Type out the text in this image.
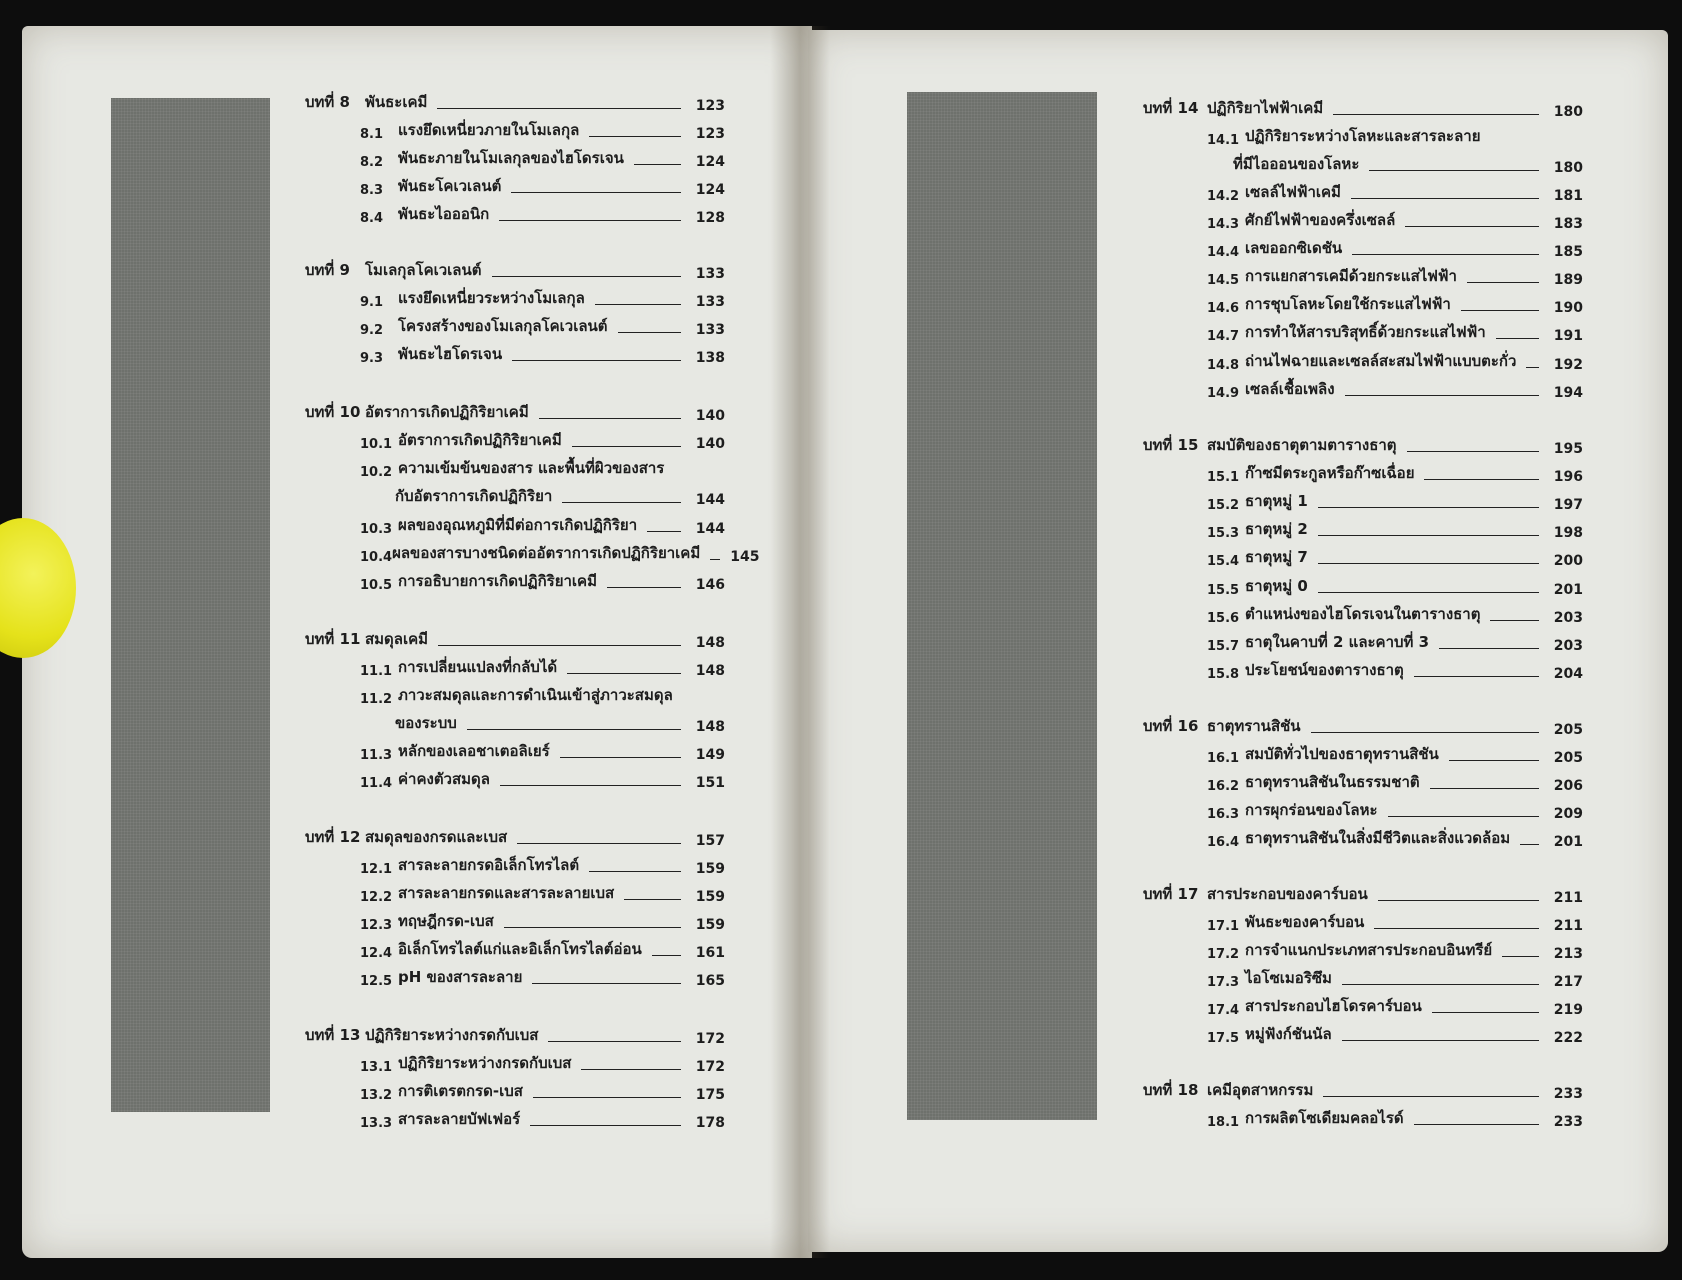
บทที่ 8	พันธะเคมี	123
8.1 แรงยึดเหนี่ยวภายในโมเลกุล	123
8.2 พันธะภายในโมเลกุลของไฮโดรเจน	124
8.3 พันธะโคเวเลนต์	124
8.4 พันธะไอออนิก	128
บทที่ 9	โมเลกุลโคเวเลนต์	133
9.1 แรงยึดเหนี่ยวระหว่างโมเลกุล	133
9.2 โครงสร้างของโมเลกุลโคเวเลนต์	133
9.3 พันธะไฮโดรเจน	138
บทที่ 10 อัตราการเกิดปฏิกิริยาเคมี	140
10.1 อัตราการเกิดปฏิกิริยาเคมี	140
10.2 ความเข้มข้นของสาร และพื้นที่ผิวของสาร
กับอัตราการเกิดปฏิกิริยา	144
10.3 ผลของอุณหภูมิที่มีต่อการเกิดปฏิกิริยา	144
10.4 ผลของสารบางชนิดต่ออัตราการเกิดปฏิกิริยาเคมี 145
10.5 การอธิบายการเกิดปฏิกิริยาเคมี	146
บทที่ 11 สมดุลเคมี	148
11.1 การเปลี่ยนแปลงที่กลับได้	148
11.2 ภาวะสมดุลและการดำเนินเข้าสู่ภาวะสมดุล
ของระบบ	148
11.3 หลักของเลอชาเตอลิเยร์	149
11.4 ค่าคงตัวสมดุล	151
บทที่ 12 สมดุลของกรดและเบส	157
12.1 สารละลายกรดอิเล็กโทรไลต์	159
12.2 สารละลายกรดและสารละลายเบส	159
12.3 ทฤษฎีกรด-เบส	159
12.4 อิเล็กโทรไลต์แก่และอิเล็กโทรไลต์อ่อน	161
12.5 pH ของสารละลาย	165
บทที่ 13 ปฏิกิริยาระหว่างกรดกับเบส	172
13.1 ปฏิกิริยาระหว่างกรดกับเบส	172
13.2 การติเตรตกรด-เบส	175
13.3 สารละลายบัฟเฟอร์	178
บทที่ 14 ปฏิกิริยาไฟฟ้าเคมี	180
14.1 ปฏิกิริยาระหว่างโลหะและสารละลาย
ที่มีไอออนของโลหะ	180
14.2 เซลล์ไฟฟ้าเคมี	181
14.3 ศักย์ไฟฟ้าของครึ่งเซลล์	183
14.4 เลขออกซิเดชัน	185
14.5 การแยกสารเคมีด้วยกระแสไฟฟ้า	189
14.6 การชุบโลหะโดยใช้กระแสไฟฟ้า	190
14.7 การทำให้สารบริสุทธิ์ด้วยกระแสไฟฟ้า	191
14.8 ถ่านไฟฉายและเซลล์สะสมไฟฟ้าแบบตะกั่ว	192
14.9 เซลล์เชื้อเพลิง	194
บทที่ 15 สมบัติของธาตุตามตารางธาตุ	195
15.1 ก๊าซมีตระกูลหรือก๊าซเฉื่อย	196
15.2 ธาตุหมู่ 1	197
15.3 ธาตุหมู่ 2	198
15.4 ธาตุหมู่ 7	200
15.5 ธาตุหมู่ 0	201
15.6 ตำแหน่งของไฮโดรเจนในตารางธาตุ	203
15.7 ธาตุในคาบที่ 2 และคาบที่ 3	203
15.8 ประโยชน์ของตารางธาตุ	204
บทที่ 16 ธาตุทรานสิชัน	205
16.1 สมบัติทั่วไปของธาตุทรานสิชัน	205
16.2 ธาตุทรานสิชันในธรรมชาติ	206
16.3 การผุกร่อนของโลหะ	209
16.4 ธาตุทรานสิชันในสิ่งมีชีวิตและสิ่งแวดล้อม	201
บทที่ 17 สารประกอบของคาร์บอน	211
17.1 พันธะของคาร์บอน	211
17.2 การจำแนกประเภทสารประกอบอินทรีย์	213
17.3 ไอโซเมอริซึม	217
17.4 สารประกอบไฮโดรคาร์บอน	219
17.5 หมู่ฟังก์ชันนัล	222
บทที่ 18 เคมีอุตสาหกรรม	233
18.1 การผลิตโซเดียมคลอไรด์	233
